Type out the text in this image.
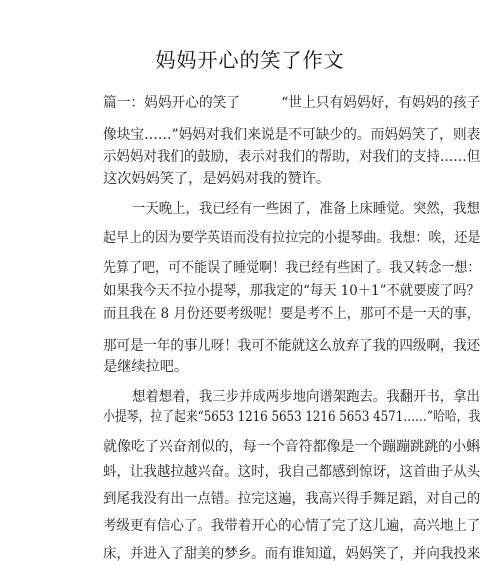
妈妈开心的笑了作文
篇一：妈妈开心的笑了　　　“世上只有妈妈好，有妈妈的孩子
像块宝……”妈妈对我们来说是不可缺少的。而妈妈笑了，则表
示妈妈对我们的鼓励，表示对我们的帮助，对我们的支持……但
这次妈妈笑了，是妈妈对我的赞许。
一天晚上，我已经有一些困了，准备上床睡觉。突然，我想
起早上的因为要学英语而没有拉拉完的小提琴曲。我想：唉，还是
先算了吧，可不能误了睡觉啊！我已经有些困了。我又转念一想：
如果我今天不拉小提琴，那我定的“每天 10＋1”不就要废了吗？
而且我在 8 月份还要考级呢！要是考不上，那可不是一天的事，
那可是一年的事儿呀！我可不能就这么放弃了我的四级啊，我还
是继续拉吧。
想着想着，我三步并成两步地向谱架跑去。我翻开书，拿出
小提琴，拉了起来“5653 1216 5653 1216 5653 4571……”哈哈，我
就像吃了兴奋剂似的，每一个音符都像是一个蹦蹦跳跳的小蝌
蚪，让我越拉越兴奋。这时，我自己都感到惊讶，这首曲子从头
到尾我没有出一点错。拉完这遍，我高兴得手舞足蹈，对自己的
考级更有信心了。我带着开心的心情了完了这儿遍，高兴地上了
床，并进入了甜美的梦乡。而有谁知道，妈妈笑了，并向我投来
